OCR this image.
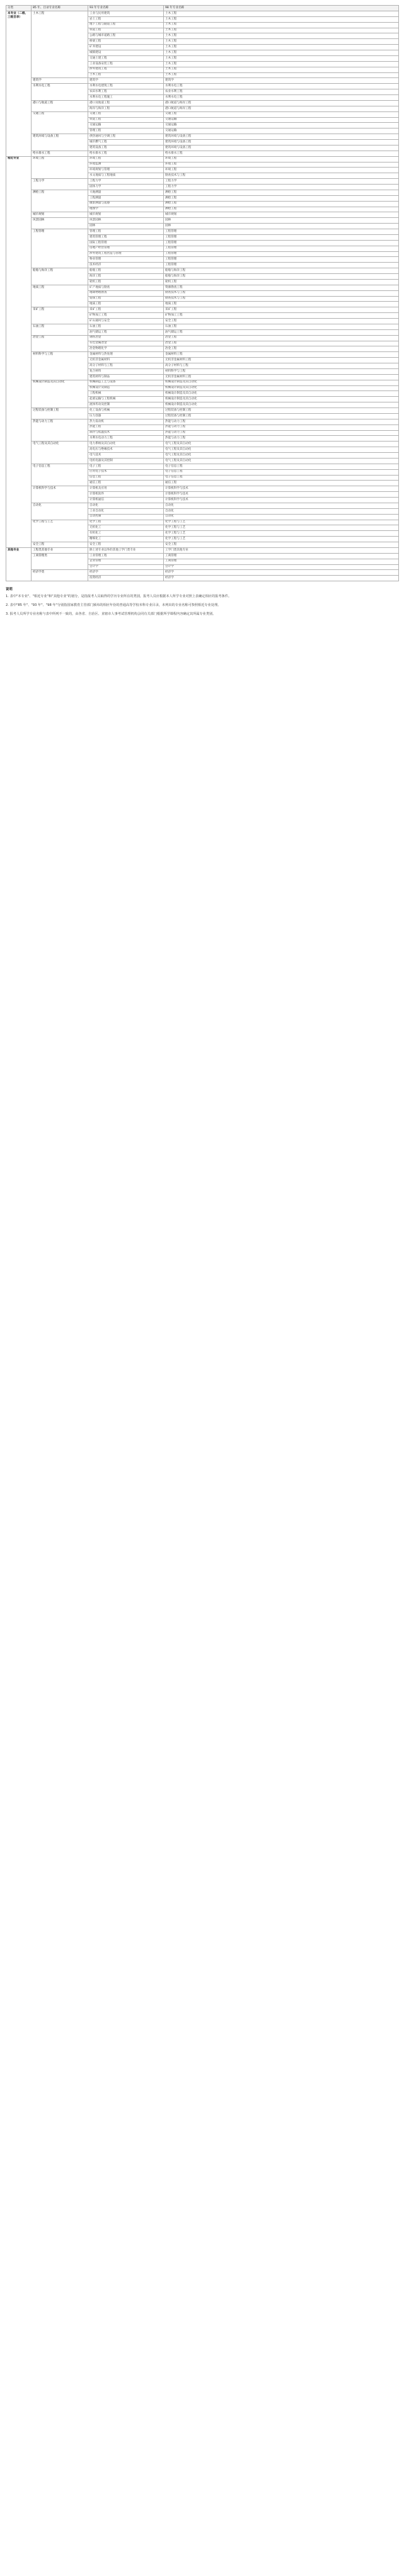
分类	85 年、目录专业名称	93 年专业名称	98 年专业名称
本专业（二级、三级目录）	土木工程	工业与民用建筑	土木工程
		岩土工程	土木工程
		地下工程与隧道工程	土木工程
		铁道工程	土木工程
		公路与城市道路工程	土木工程
		桥梁工程	土木工程
		矿井建设	土木工程
		城镇建设	土木工程
		交通土建工程	土木工程
		工业设备安装工程	土木工程
		涉外建筑工程	土木工程
		土木工程	土木工程
	建筑学	建筑学	建筑学
	水利水电工程	水利水电建筑工程	水利水电工程
		农田水利工程	农业水利工程
		水利水电工程施工	水利水电工程
	港口与航道工程	港口及航道工程	港口航道与海岸工程
		海岸与海洋工程	港口航道与海岸工程
	交通工程	交通工程	交通工程
		铁道工程	交通运输
		交通运输	交通运输
		管理工程	交通运输
	建筑环境与设备工程	供热通风与空调工程	建筑环境与设备工程
		城市燃气工程	建筑环境与设备工程
		建筑设备工程	建筑环境与设备工程
	给水排水工程	给水排水工程	给水排水工程
相近专业	环境工程	环境工程	环境工程
		环境监测	环境工程
		环境规划与管理	环境工程
		水文地质与工程地质	勘查技术与工程
	工程力学	工程力学	工程力学
		固体力学	工程力学
	测绘工程	大地测量	测绘工程
		工程测量	测绘工程
		摄影测量与遥感	测绘工程
		地图学	测绘工程
	城市规划	城市规划	城市规划
	风景园林	风景园林	园林
		园林	园林
	工程管理	管理工程	工程管理
		建筑管理工程	工程管理
		国际工程管理	工程管理
		房地产经营管理	工程管理
		涉外建筑工程营造与管理	工程管理
		物业管理	工程管理
		技术经济	工程管理
	船舶与海洋工程	船舶工程	船舶与海洋工程
		海洋工程	船舶与海洋工程
		轮机工程	轮机工程
	地质工程	矿产地质与勘查	资源勘查工程
		地球物理勘查	勘查技术与工程
		钻探工程	勘查技术与工程
		地质工程	地质工程
	采矿工程	采矿工程	采矿工程
		矿物加工工程	矿物加工工程
		矿山通风与安全	安全工程
	石油工程	石油工程	石油工程
		油气储运工程	油气储运工程
	冶金工程	钢铁冶金	冶金工程
		有色金属冶金	冶金工程
		冶金物理化学	冶金工程
	材料科学与工程	金属材料与热处理	金属材料工程
		无机非金属材料	无机非金属材料工程
		高分子材料与工程	高分子材料与工程
		复合材料	材料科学与工程
		建筑材料与制品	无机非金属材料工程
	机械设计制造及其自动化	机械制造工艺与设备	机械设计制造及其自动化
		机械设计及制造	机械设计制造及其自动化
		工程机械	机械设计制造及其自动化
		起重运输与工程机械	机械设计制造及其自动化
		流体传动及控制	机械设计制造及其自动化
	过程装备与控制工程	化工设备与机械	过程装备与控制工程
		压力容器	过程装备与控制工程
	热能与动力工程	热力发动机	热能与动力工程
		热能工程	热能与动力工程
		制冷与低温技术	热能与动力工程
		水利水电动力工程	热能与动力工程
	电气工程及其自动化	电力系统及其自动化	电气工程及其自动化
		高电压与绝缘技术	电气工程及其自动化
		电气技术	电气工程及其自动化
		电机电器及其控制	电气工程及其自动化
	电子信息工程	电子工程	电子信息工程
		应用电子技术	电子信息工程
		信息工程	电子信息工程
		通信工程	通信工程
	计算机科学与技术	计算机及应用	计算机科学与技术
		计算机软件	计算机科学与技术
		计算机通信	计算机科学与技术
	自动化	自动化	自动化
		工业自动化	自动化
		自动控制	自动化
	化学工程与工艺	化学工程	化学工程与工艺
		无机化工	化学工程与工艺
		有机化工	化学工程与工艺
		精细化工	化学工程与工艺
	安全工程	安全工程	安全工程
其他专业	工程类其他专业	除上述专业以外的其他工学门类专业	工学门类其他专业
	工商管理类	工业管理工程	工商管理
		企业管理	工商管理
		会计学	会计学
	经济学类	经济学	经济学
		投资经济	经济学
说明

1. 表中"本专业"、"相近专业"和"其他专业"的划分，是指报考人员取得的学历专业所在的类别，报考人员应根据本人所学专业对照上表确定相应的报考条件。

2. 表中"85 年"、"93 年"、"98 年"分别指国家教育主管部门颁布的相应年份的普通高等学校本科专业目录，未列出的专业名称可参照相近专业处理。

3. 报考人员所学专业名称与表中所列不一致的，由各省、自治区、直辖市人事考试管理机构会同有关部门根据所学课程内容确定其所属专业类别。
